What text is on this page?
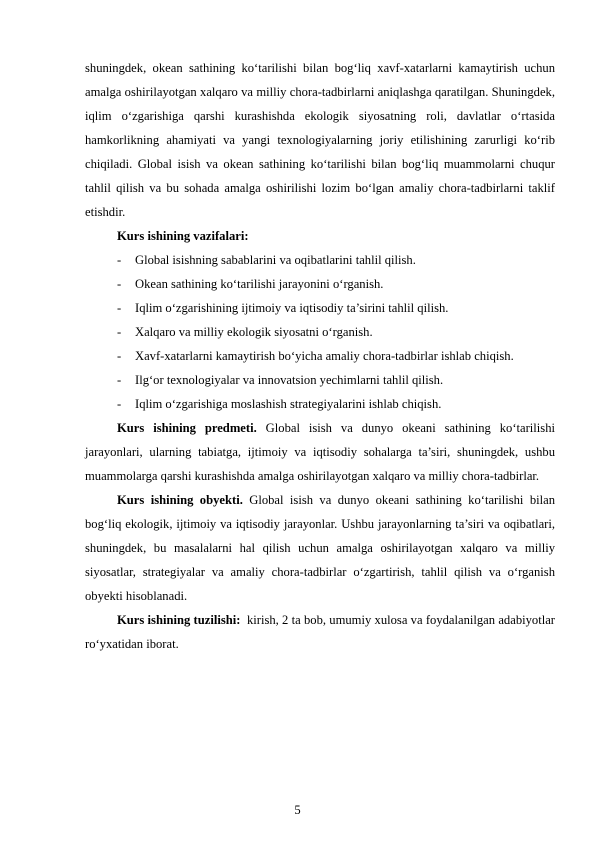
shuningdek, okean sathining ko‘tarilishi bilan bog‘liq xavf-xatarlarni kamaytirish uchun amalga oshirilayotgan xalqaro va milliy chora-tadbirlarni aniqlashga qaratilgan. Shuningdek, iqlim o‘zgarishiga qarshi kurashishda ekologik siyosatning roli, davlatlar o‘rtasida hamkorlikning ahamiyati va yangi texnologiyalarning joriy etilishining zarurligi ko‘rib chiqiladi. Global isish va okean sathining ko‘tarilishi bilan bog‘liq muammolarni chuqur tahlil qilish va bu sohada amalga oshirilishi lozim bo‘lgan amaliy chora-tadbirlarni taklif etishdir.

Kurs ishining vazifalari:

- Global isishning sabablarini va oqibatlarini tahlil qilish.
- Okean sathining ko‘tarilishi jarayonini o‘rganish.
- Iqlim o‘zgarishining ijtimoiy va iqtisodiy ta’sirini tahlil qilish.
- Xalqaro va milliy ekologik siyosatni o‘rganish.
- Xavf-xatarlarni kamaytirish bo‘yicha amaliy chora-tadbirlar ishlab chiqish.
- Ilg‘or texnologiyalar va innovatsion yechimlarni tahlil qilish.
- Iqlim o‘zgarishiga moslashish strategiyalarini ishlab chiqish.

Kurs ishining predmeti. Global isish va dunyo okeani sathining ko‘tarilishi jarayonlari, ularning tabiatga, ijtimoiy va iqtisodiy sohalarga ta’siri, shuningdek, ushbu muammolarga qarshi kurashishda amalga oshirilayotgan xalqaro va milliy chora-tadbirlar.

Kurs ishining obyekti. Global isish va dunyo okeani sathining ko‘tarilishi bilan bog‘liq ekologik, ijtimoiy va iqtisodiy jarayonlar. Ushbu jarayonlarning ta’siri va oqibatlari, shuningdek, bu masalalarni hal qilish uchun amalga oshirilayotgan xalqaro va milliy siyosatlar, strategiyalar va amaliy chora-tadbirlar o‘zgartirish, tahlil qilish va o‘rganish obyekti hisoblanadi.

Kurs ishining tuzilishi:  kirish, 2 ta bob, umumiy xulosa va foydalanilgan adabiyotlar ro‘yxatidan iborat.

5
